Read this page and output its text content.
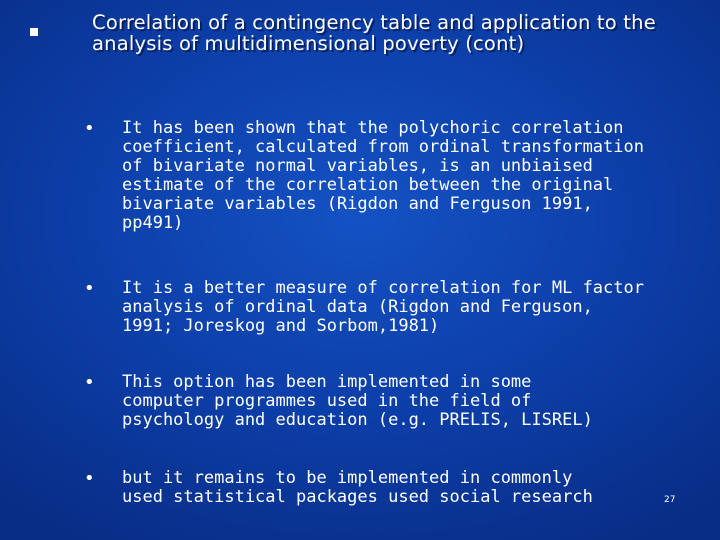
Correlation of a contingency table and application to the analysis of multidimensional poverty (cont)
• It has been shown that the polychoric correlation
coefficient, calculated from ordinal transformation
of bivariate normal variables, is an unbiaised
estimate of the correlation between the original
bivariate variables (Rigdon and Ferguson 1991,
pp491)
• It is a better measure of correlation for ML factor
analysis of ordinal data (Rigdon and Ferguson,
1991; Joreskog and Sorbom,1981)
• This option has been implemented in some
computer programmes used in the field of
psychology and education (e.g. PRELIS, LISREL)
• but it remains to be implemented in commonly
used statistical packages used social research	27
